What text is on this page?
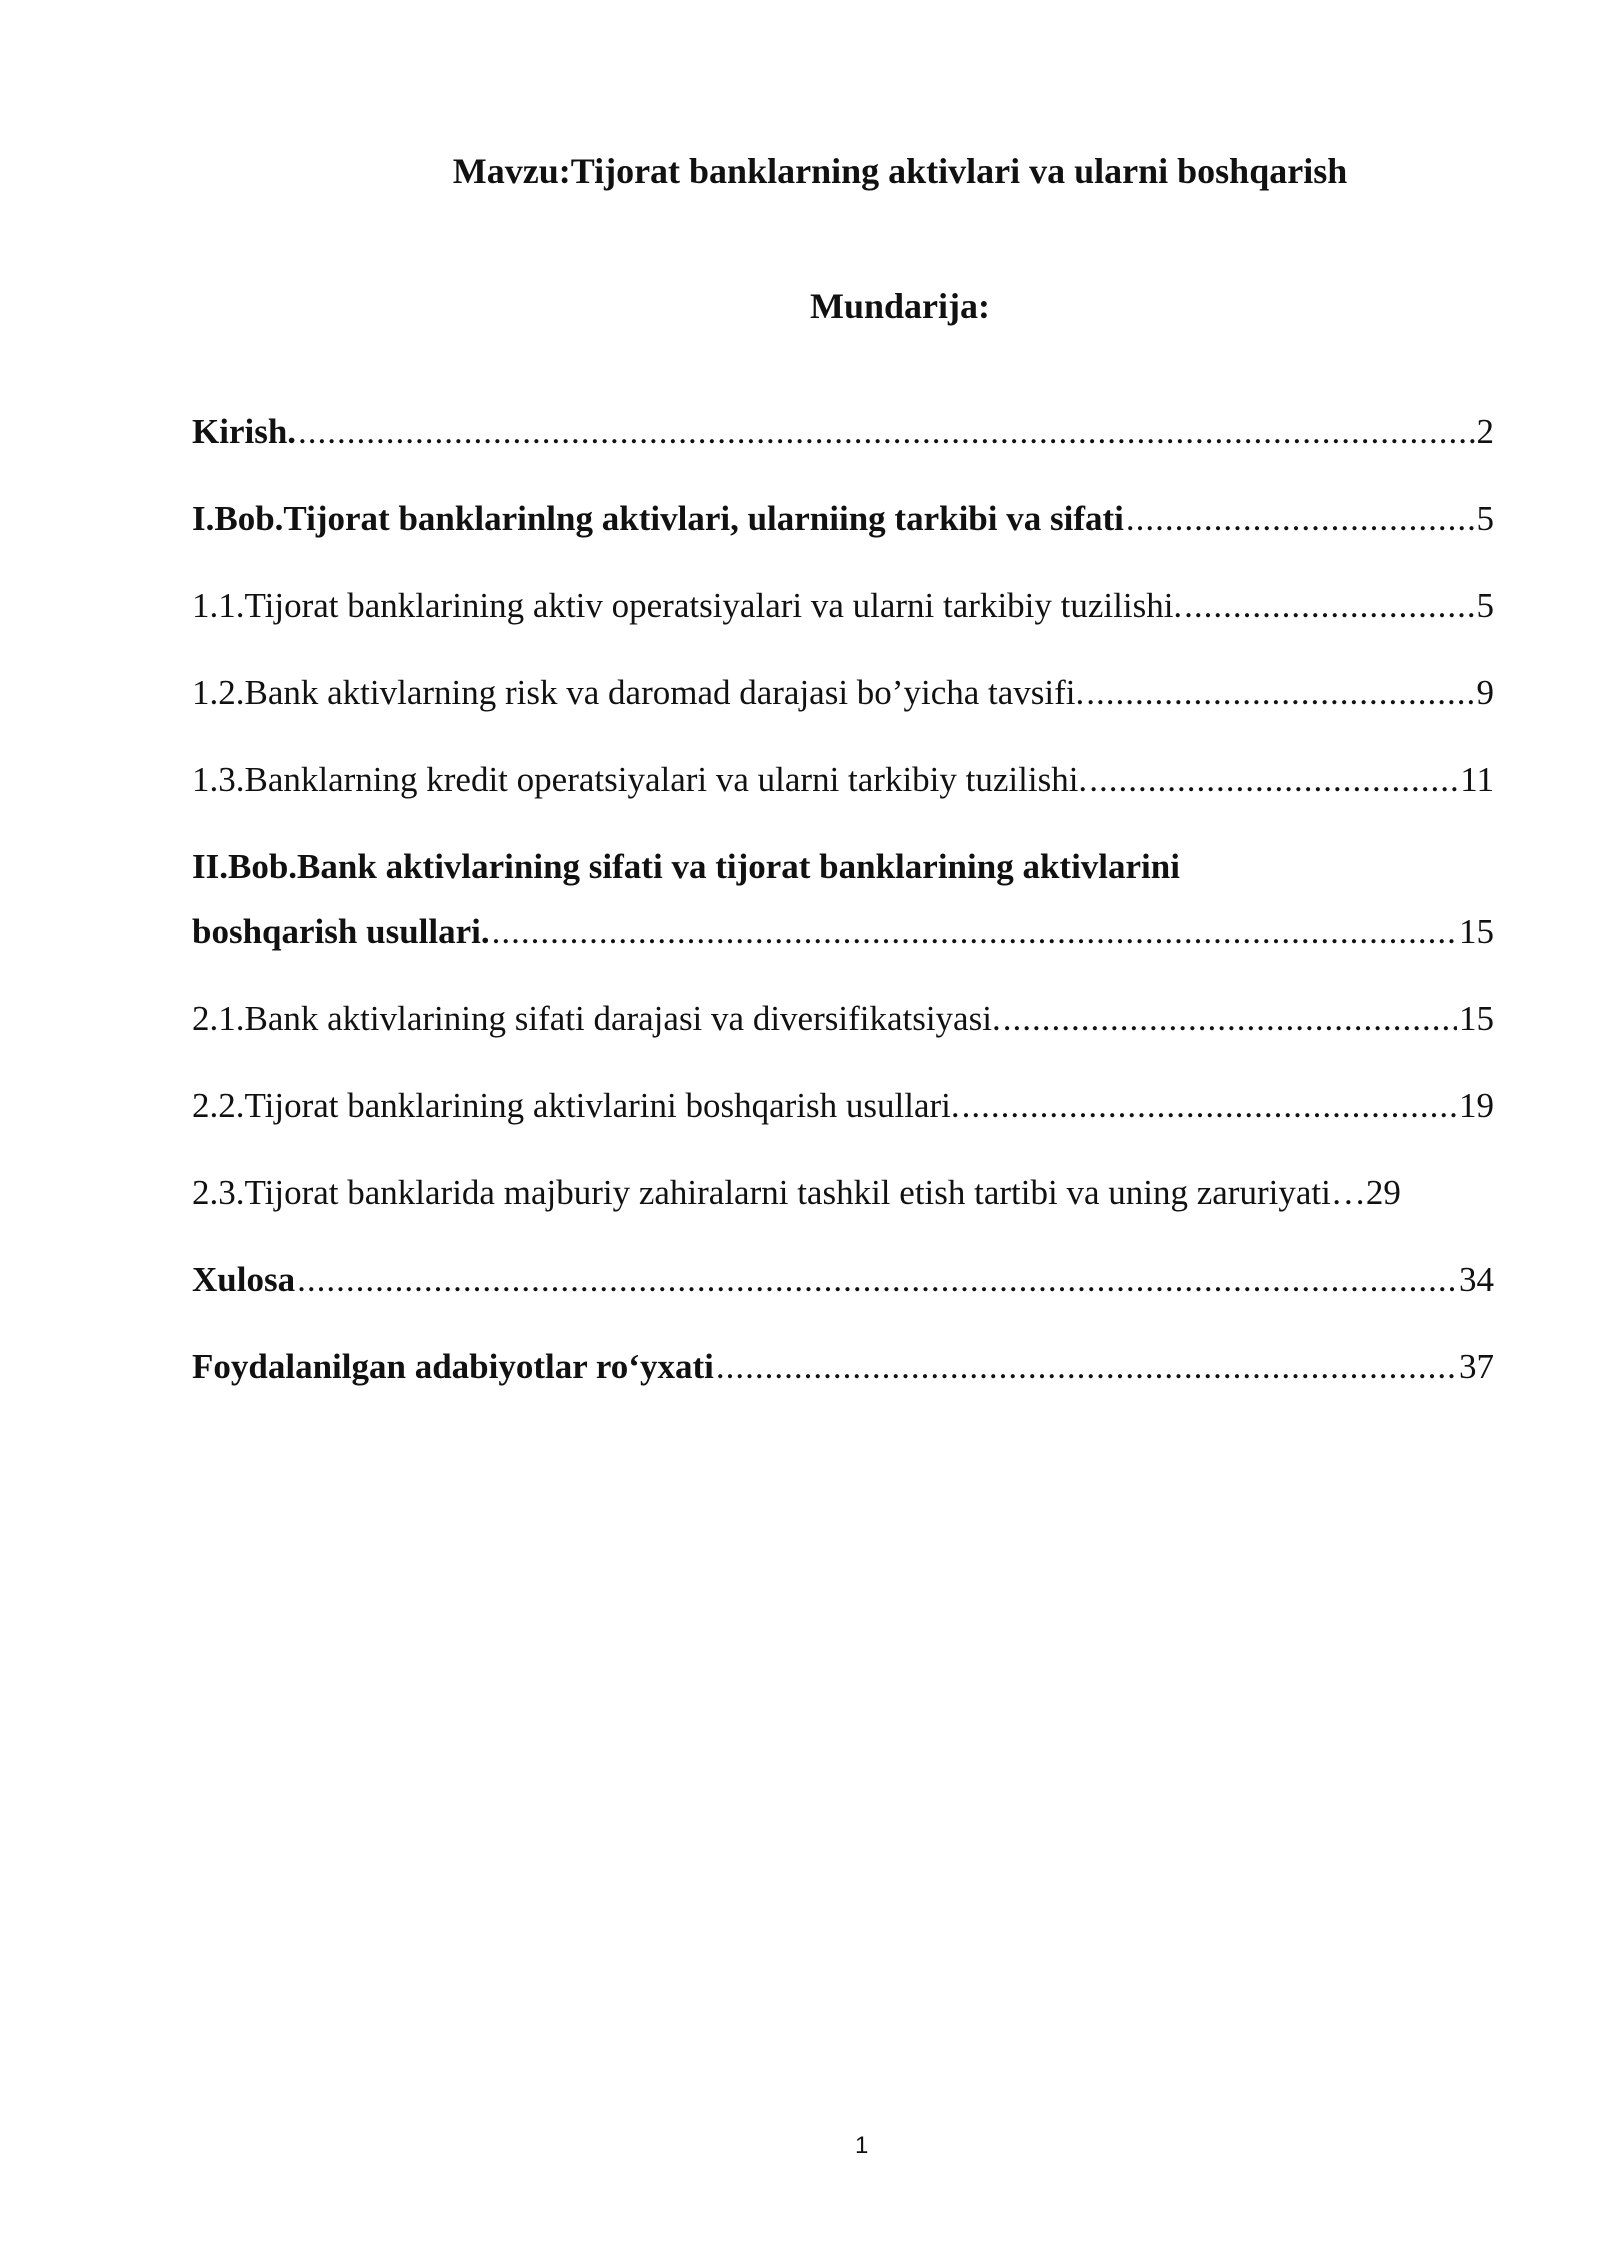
Mavzu:Tijorat banklarning aktivlari va ularni boshqarish
Mundarija:
Kirish. .....	2
I.Bob.Tijorat banklarinlng aktivlari, ularniing tarkibi va sifati .....	5
1.1.Tijorat banklarining aktiv operatsiyalari va ularni tarkibiy tuzilishi. .....	5
1.2.Bank aktivlarning risk va daromad darajasi bo’yicha tavsifi. .....	9
1.3.Banklarning kredit operatsiyalari va ularni tarkibiy tuzilishi. .....	11
II.Bob.Bank aktivlarining sifati va tijorat banklarining aktivlarini
boshqarish usullari. .....	15
2.1.Bank aktivlarining sifati darajasi va diversifikatsiyasi. .....	15
2.2.Tijorat banklarining aktivlarini boshqarish usullari. .....	19
2.3.Tijorat banklarida majburiy zahiralarni tashkil etish tartibi va uning zaruriyati… 29
Xulosa .....	34
Foydalanilgan adabiyotlar ro‘yxati .....	37
1
